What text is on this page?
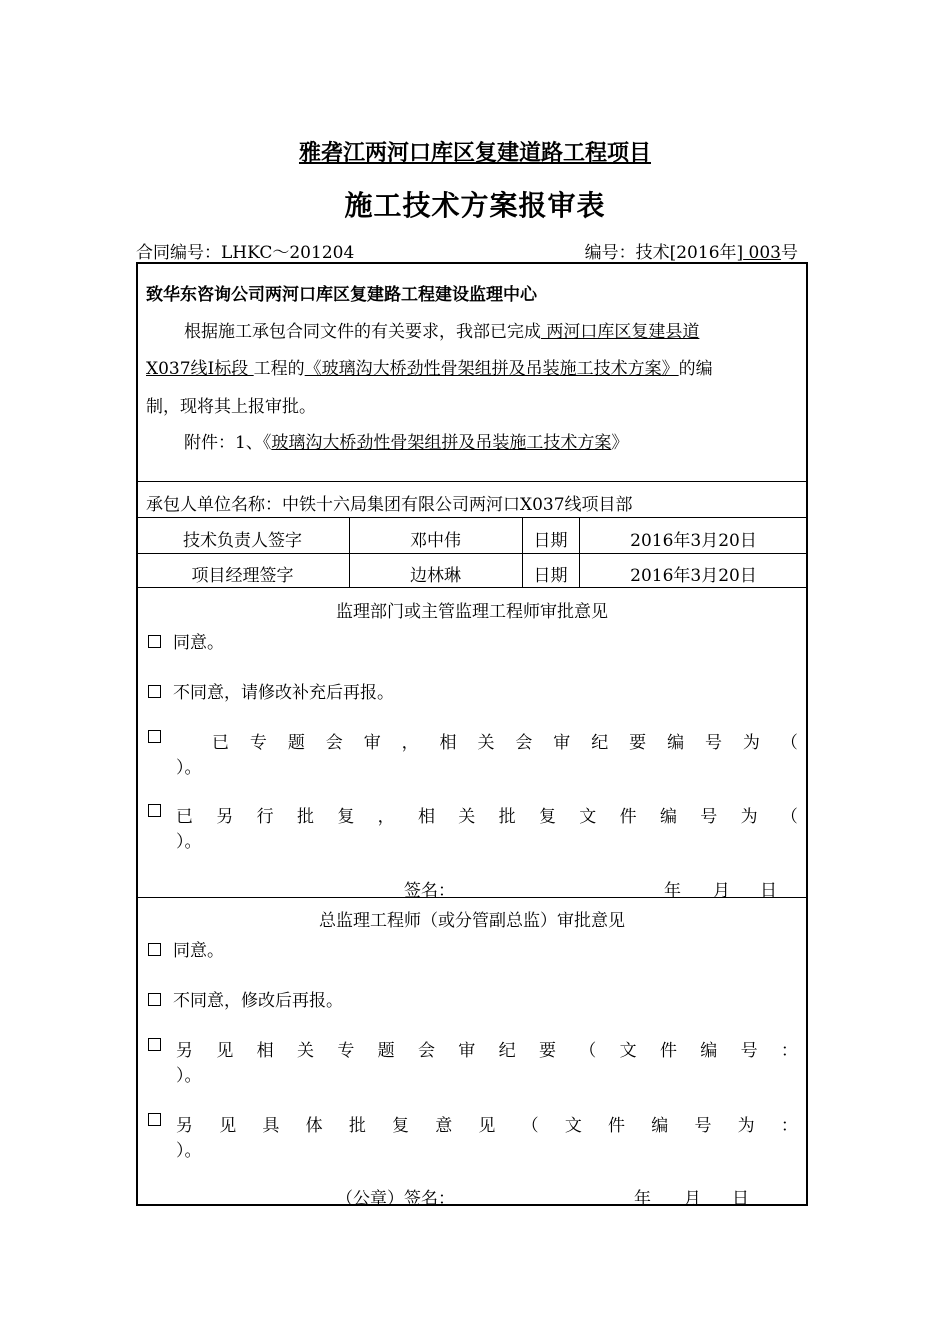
雅砻江两河口库区复建道路工程项目
施工技术方案报审表
合同编号：LHKC～201204	编号：技术[2016年] 003号
致华东咨询公司两河口库区复建路工程建设监理中心
根据施工承包合同文件的有关要求，我部已完成 两河口库区复建县道
X037线Ⅰ标段 工程的《玻璃沟大桥劲性骨架组拼及吊装施工技术方案》的编
制，现将其上报审批。
附件：1、《玻璃沟大桥劲性骨架组拼及吊装施工技术方案》
承包人单位名称：中铁十六局集团有限公司两河口X037线项目部
技术负责人签字	邓中伟	日期	2016年3月20日
项目经理签字	边林琳	日期	2016年3月20日
监理部门或主管监理工程师审批意见
同意。
不同意，请修改补充后再报。
已 专 题 会 审 ， 相 关 会 审 纪 要 编 号 为 （
）。
已 另 行 批 复 ， 相 关 批 复 文 件 编 号 为 （
）。
签名：	年 月 日
总监理工程师（或分管副总监）审批意见
同意。
不同意，修改后再报。
另 见 相 关 专 题 会 审 纪 要 （ 文 件 编 号 ：
）。
另 见 具 体 批 复 意 见 （ 文 件 编 号 为 ：
）。
（公章）签名：	年 月 日
